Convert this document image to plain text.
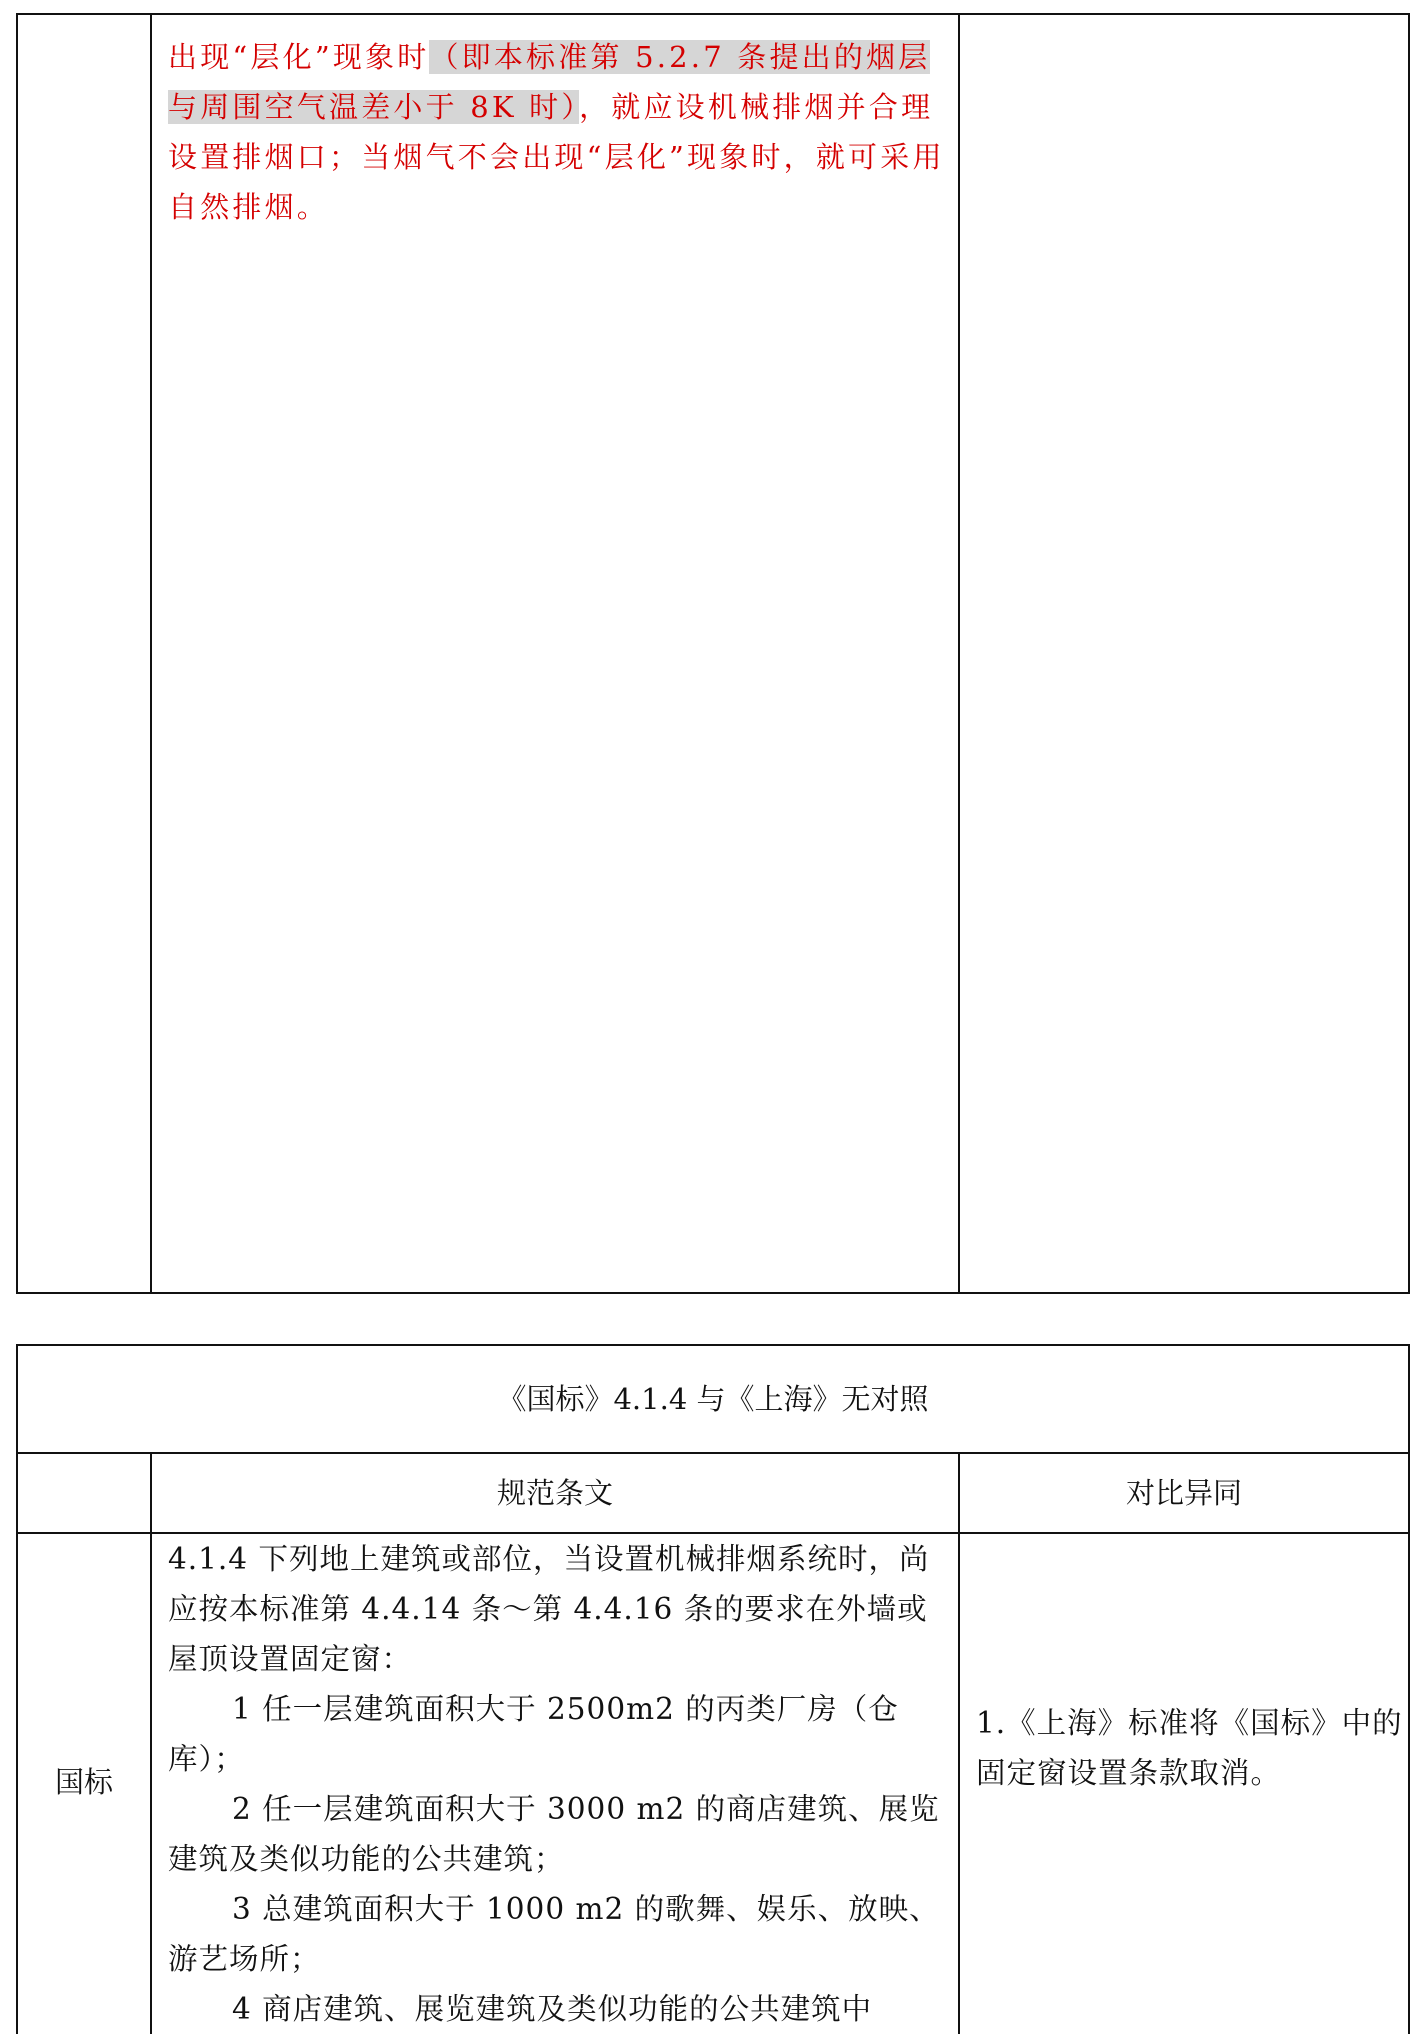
出现“层化”现象时（即本标准第 5.2.7 条提出的烟层与周围空气温差小于 8K 时），就应设机械排烟并合理设置排烟口；当烟气不会出现“层化”现象时，就可采用自然排烟。
《国标》4.1.4 与《上海》无对照
规范条文	对比异同
国标
4.1.4 下列地上建筑或部位，当设置机械排烟系统时，尚应按本标准第 4.4.14 条～第 4.4.16 条的要求在外墙或屋顶设置固定窗：
1 任一层建筑面积大于 2500m2 的丙类厂房（仓库）；
2 任一层建筑面积大于 3000 m2 的商店建筑、展览建筑及类似功能的公共建筑；
3 总建筑面积大于 1000 m2 的歌舞、娱乐、放映、游艺场所；
4 商店建筑、展览建筑及类似功能的公共建筑中
1.《上海》标准将《国标》中的固定窗设置条款取消。
